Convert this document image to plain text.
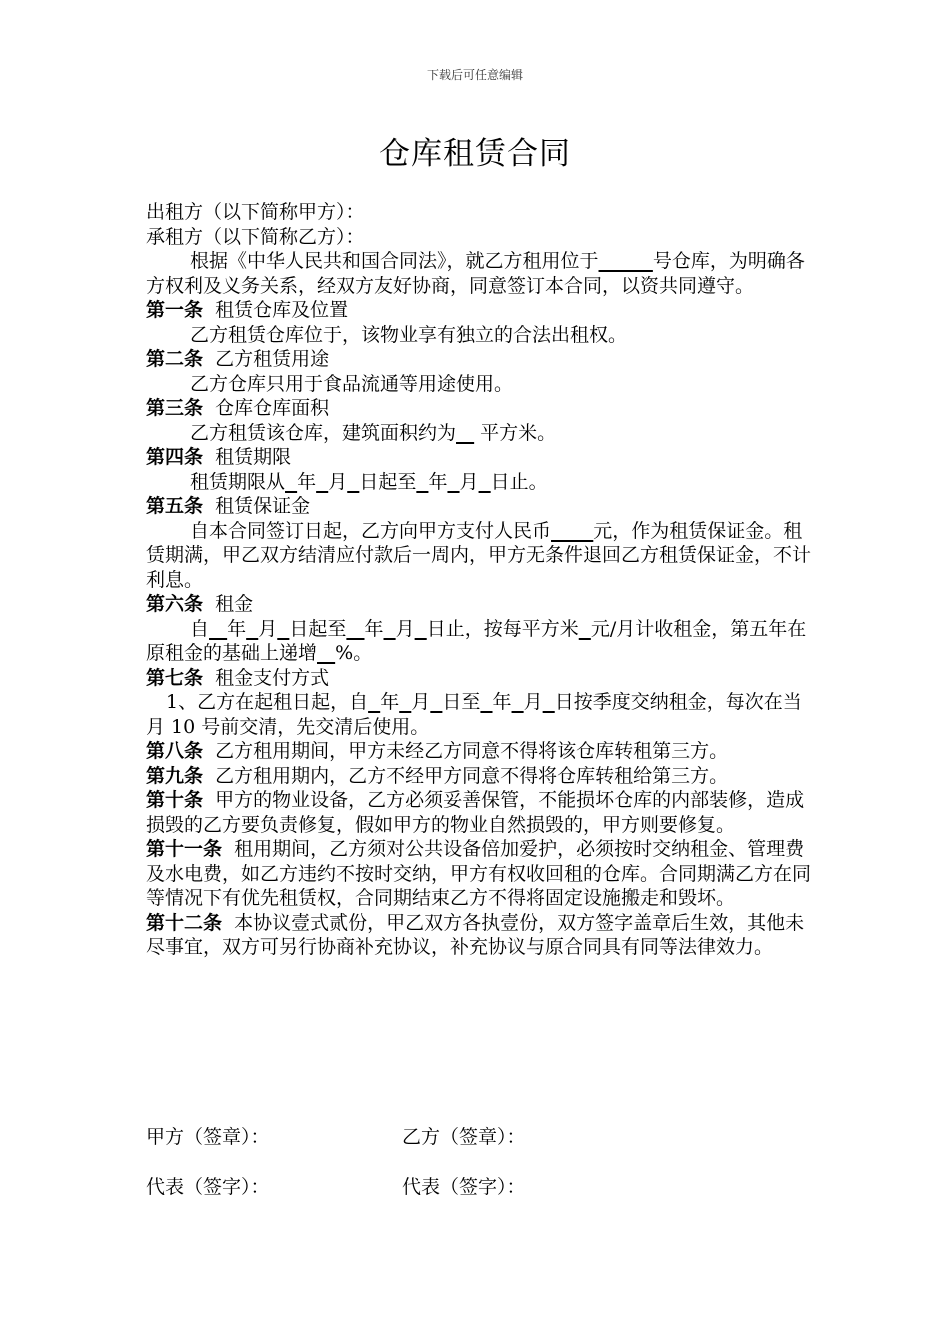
下载后可任意编辑
仓库租赁合同

出租方（以下简称甲方）：

承租方（以下简称乙方）：

根据《中华人民共和国合同法》，就乙方租用位于	号仓库，为明确各方权利及义务关系，经双方友好协商，同意签订本合同，以资共同遵守。

第一条 租赁仓库及位置

乙方租赁仓库位于，该物业享有独立的合法出租权。

第二条 乙方租赁用途

乙方仓库只用于食品流通等用途使用。

第三条 仓库仓库面积

乙方租赁该仓库，建筑面积约为    平方米。

第四条 租赁期限

租赁期限从 年 月 日起至 年 月 日止。

第五条 租赁保证金

自本合同签订日起，乙方向甲方支付人民币 元，作为租赁保证金。租赁期满，甲乙双方结清应付款后一周内，甲方无条件退回乙方租赁保证金，不计利息。

第六条 租金

自 年 月 日起至 年 月 日止，按每平方米 元/月计收租金，第五年在原租金的基础上递增 %。

第七条 租金支付方式

1、乙方在起租日起，自 年 月 日至 年 月 日按季度交纳租金，每次在当月 10 号前交清，先交清后使用。

第八条 乙方租用期间，甲方未经乙方同意不得将该仓库转租第三方。

第九条 乙方租用期内，乙方不经甲方同意不得将仓库转租给第三方。

第十条 甲方的物业设备，乙方必须妥善保管，不能损坏仓库的内部装修，造成损毁的乙方要负责修复，假如甲方的物业自然损毁的，甲方则要修复。

第十一条 租用期间，乙方须对公共设备倍加爱护，必须按时交纳租金、管理费及水电费，如乙方违约不按时交纳，甲方有权收回租的仓库。合同期满乙方在同等情况下有优先租赁权，合同期结束乙方不得将固定设施搬走和毁坏。

第十二条 本协议壹式贰份，甲乙双方各执壹份，双方签字盖章后生效，其他未尽事宜，双方可另行协商补充协议，补充协议与原合同具有同等法律效力。

甲方（签章）：	乙方（签章）：
代表（签字）：	代表（签字）：
